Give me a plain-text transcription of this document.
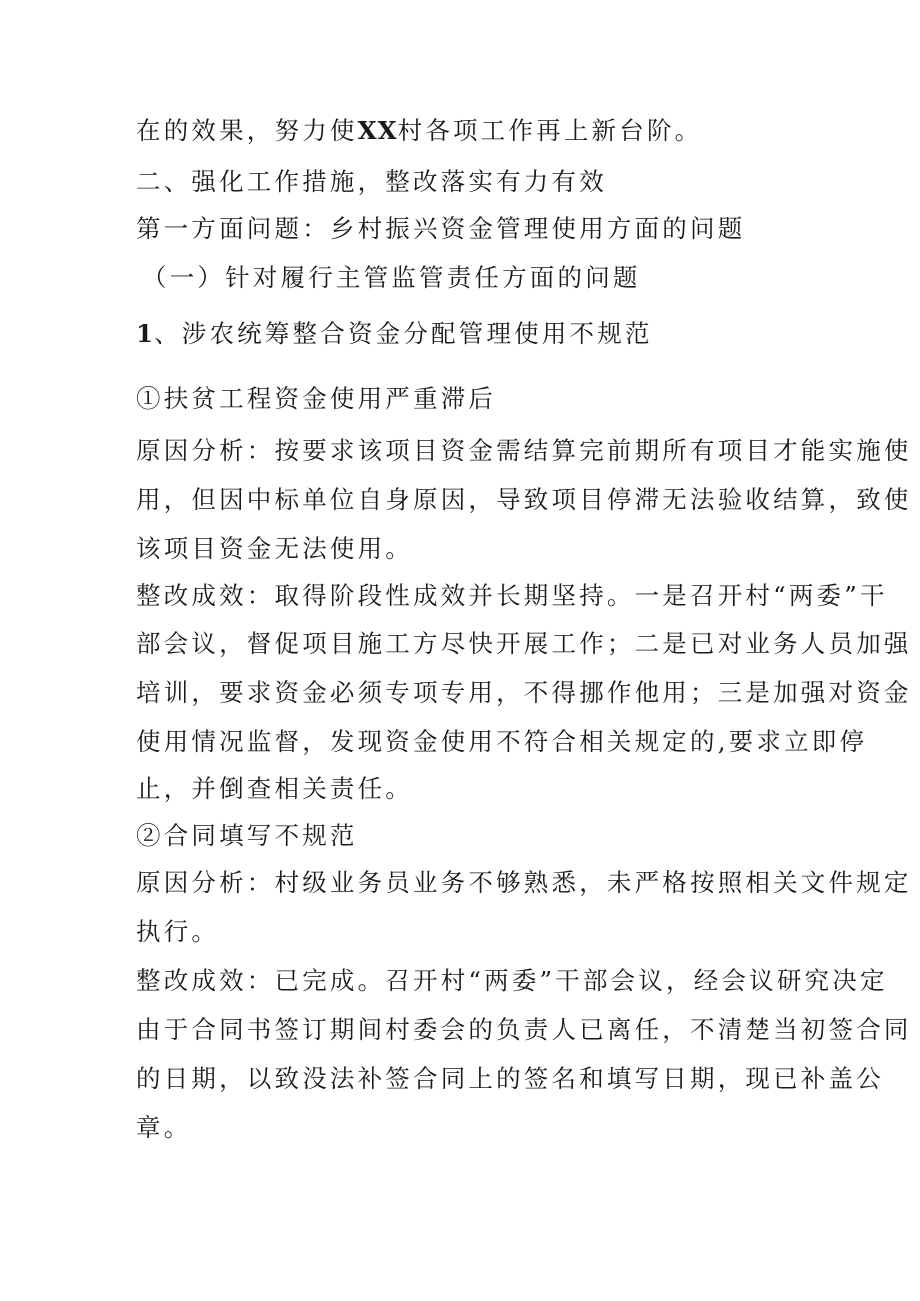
在的效果，努力使XX村各项工作再上新台阶。
二、强化工作措施，整改落实有力有效
第一方面问题：乡村振兴资金管理使用方面的问题
（一）针对履行主管监管责任方面的问题
1、涉农统筹整合资金分配管理使用不规范
①扶贫工程资金使用严重滞后
原因分析：按要求该项目资金需结算完前期所有项目才能实施使
用，但因中标单位自身原因，导致项目停滞无法验收结算，致使
该项目资金无法使用。
整改成效：取得阶段性成效并长期坚持。一是召开村“两委”干
部会议，督促项目施工方尽快开展工作；二是已对业务人员加强
培训，要求资金必须专项专用，不得挪作他用；三是加强对资金
使用情况监督，发现资金使用不符合相关规定的,要求立即停
止，并倒查相关责任。
②合同填写不规范
原因分析：村级业务员业务不够熟悉，未严格按照相关文件规定
执行。
整改成效：已完成。召开村“两委”干部会议，经会议研究决定
由于合同书签订期间村委会的负责人已离任，不清楚当初签合同
的日期，以致没法补签合同上的签名和填写日期，现已补盖公
章。
